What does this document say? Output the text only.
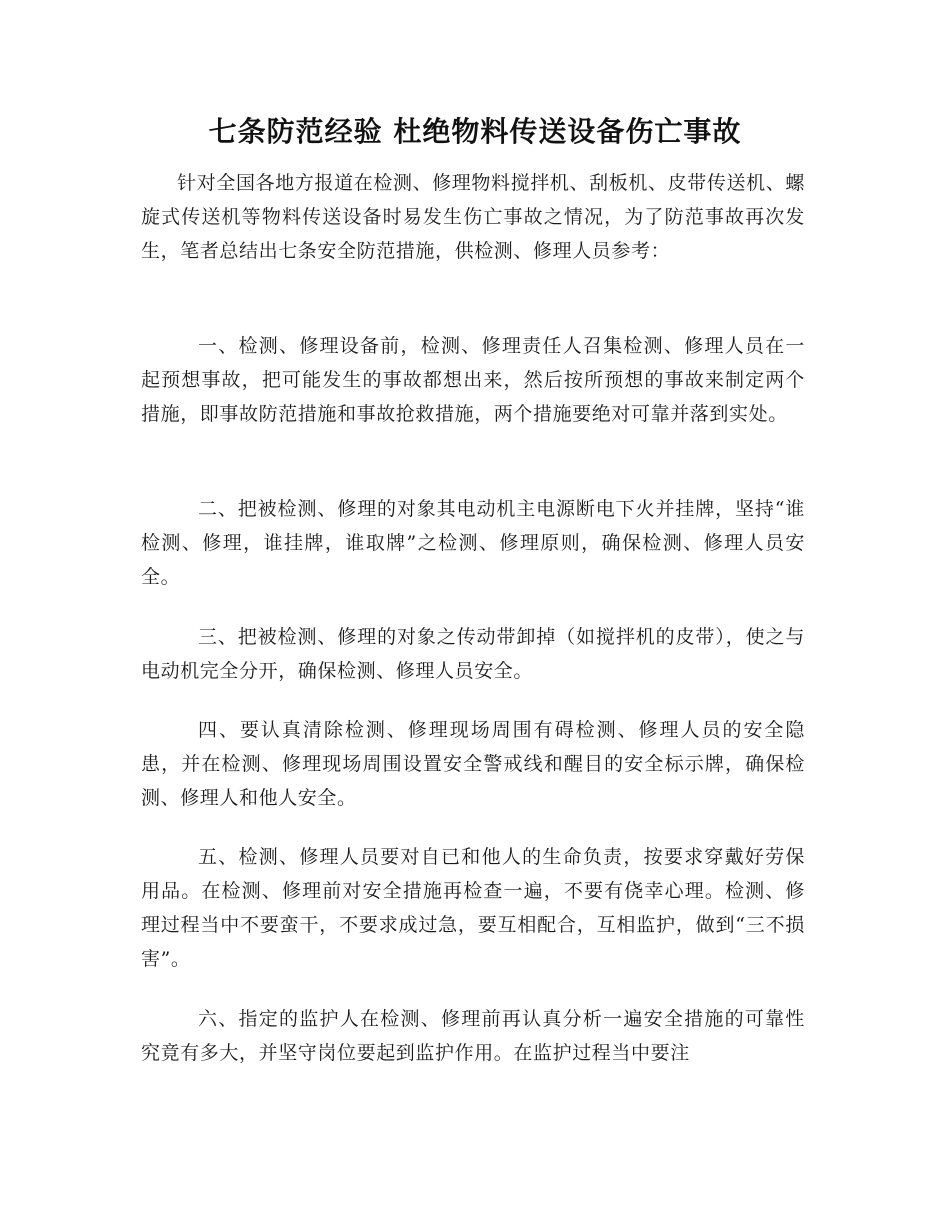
七条防范经验 杜绝物料传送设备伤亡事故

针对全国各地方报道在检测、修理物料搅拌机、刮板机、皮带传送机、螺旋式传送机等物料传送设备时易发生伤亡事故之情况，为了防范事故再次发生，笔者总结出七条安全防范措施，供检测、修理人员参考：

一、检测、修理设备前，检测、修理责任人召集检测、修理人员在一起预想事故，把可能发生的事故都想出来，然后按所预想的事故来制定两个措施，即事故防范措施和事故抢救措施，两个措施要绝对可靠并落到实处。

二、把被检测、修理的对象其电动机主电源断电下火并挂牌，坚持“谁检测、修理，谁挂牌，谁取牌”之检测、修理原则，确保检测、修理人员安全。

三、把被检测、修理的对象之传动带卸掉（如搅拌机的皮带），使之与电动机完全分开，确保检测、修理人员安全。

四、要认真清除检测、修理现场周围有碍检测、修理人员的安全隐患，并在检测、修理现场周围设置安全警戒线和醒目的安全标示牌，确保检测、修理人和他人安全。

五、检测、修理人员要对自已和他人的生命负责，按要求穿戴好劳保用品。在检测、修理前对安全措施再检查一遍，不要有侥幸心理。检测、修理过程当中不要蛮干，不要求成过急，要互相配合，互相监护，做到“三不损害”。

六、指定的监护人在检测、修理前再认真分析一遍安全措施的可靠性究竟有多大，并坚守岗位要起到监护作用。在监护过程当中要注
